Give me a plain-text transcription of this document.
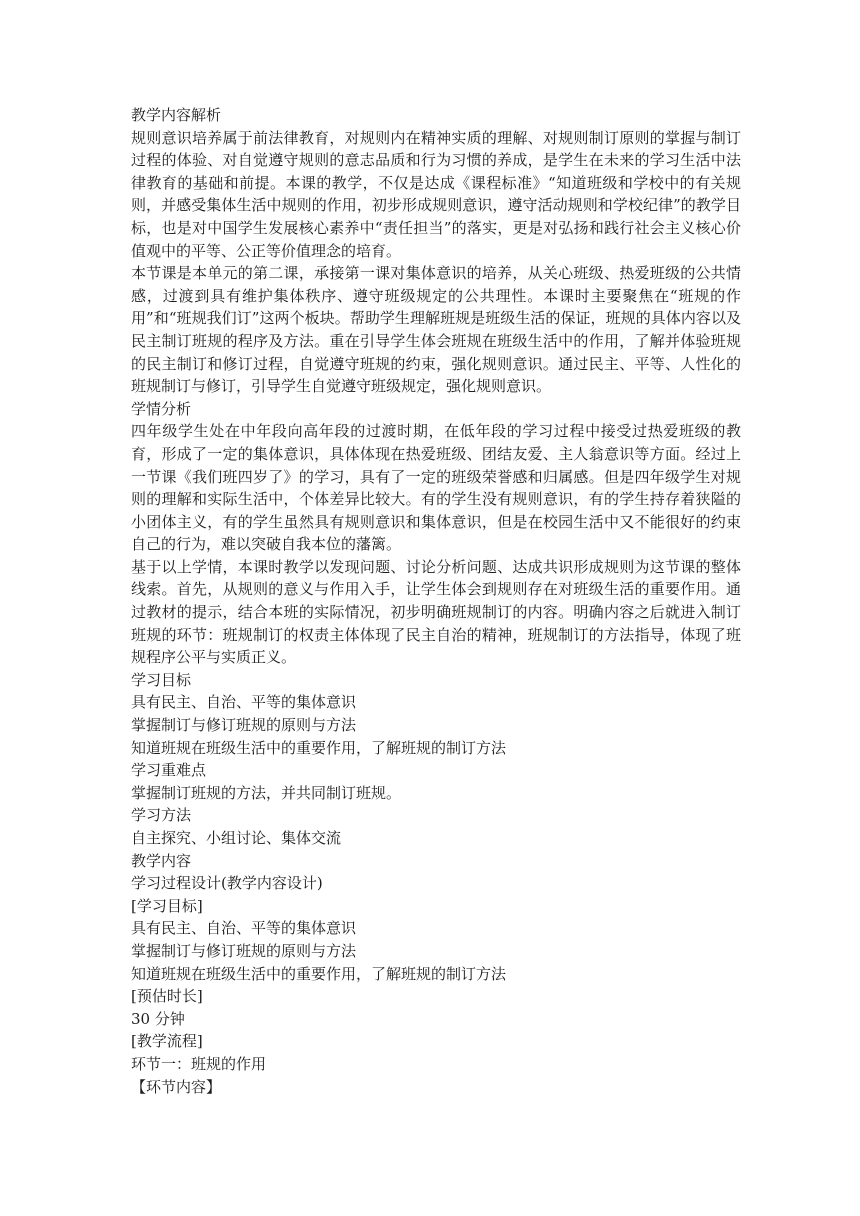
教学内容解析
规则意识培养属于前法律教育，对规则内在精神实质的理解、对规则制订原则的掌握与制订过程的体验、对自觉遵守规则的意志品质和行为习惯的养成，是学生在未来的学习生活中法律教育的基础和前提。本课的教学，不仅是达成《课程标准》“知道班级和学校中的有关规则，并感受集体生活中规则的作用，初步形成规则意识，遵守活动规则和学校纪律”的教学目标，也是对中国学生发展核心素养中“责任担当”的落实，更是对弘扬和践行社会主义核心价值观中的平等、公正等价值理念的培育。
本节课是本单元的第二课，承接第一课对集体意识的培养，从关心班级、热爱班级的公共情感，过渡到具有维护集体秩序、遵守班级规定的公共理性。本课时主要聚焦在“班规的作用”和“班规我们订”这两个板块。帮助学生理解班规是班级生活的保证，班规的具体内容以及民主制订班规的程序及方法。重在引导学生体会班规在班级生活中的作用，了解并体验班规的民主制订和修订过程，自觉遵守班规的约束，强化规则意识。通过民主、平等、人性化的班规制订与修订，引导学生自觉遵守班级规定，强化规则意识。
学情分析
四年级学生处在中年段向高年段的过渡时期，在低年段的学习过程中接受过热爱班级的教育，形成了一定的集体意识，具体体现在热爱班级、团结友爱、主人翁意识等方面。经过上一节课《我们班四岁了》的学习，具有了一定的班级荣誉感和归属感。但是四年级学生对规则的理解和实际生活中，个体差异比较大。有的学生没有规则意识，有的学生持存着狭隘的小团体主义，有的学生虽然具有规则意识和集体意识，但是在校园生活中又不能很好的约束自己的行为，难以突破自我本位的藩篱。
基于以上学情，本课时教学以发现问题、讨论分析问题、达成共识形成规则为这节课的整体线索。首先，从规则的意义与作用入手，让学生体会到规则存在对班级生活的重要作用。通过教材的提示，结合本班的实际情况，初步明确班规制订的内容。明确内容之后就进入制订班规的环节：班规制订的权责主体体现了民主自治的精神，班规制订的方法指导，体现了班规程序公平与实质正义。
学习目标
具有民主、自治、平等的集体意识
掌握制订与修订班规的原则与方法
知道班规在班级生活中的重要作用，了解班规的制订方法
学习重难点
掌握制订班规的方法，并共同制订班规。
学习方法
自主探究、小组讨论、集体交流
教学内容
学习过程设计(教学内容设计)
[学习目标]
具有民主、自治、平等的集体意识
掌握制订与修订班规的原则与方法
知道班规在班级生活中的重要作用，了解班规的制订方法
[预估时长]
30 分钟
[教学流程]
环节一：班规的作用
【环节内容】
